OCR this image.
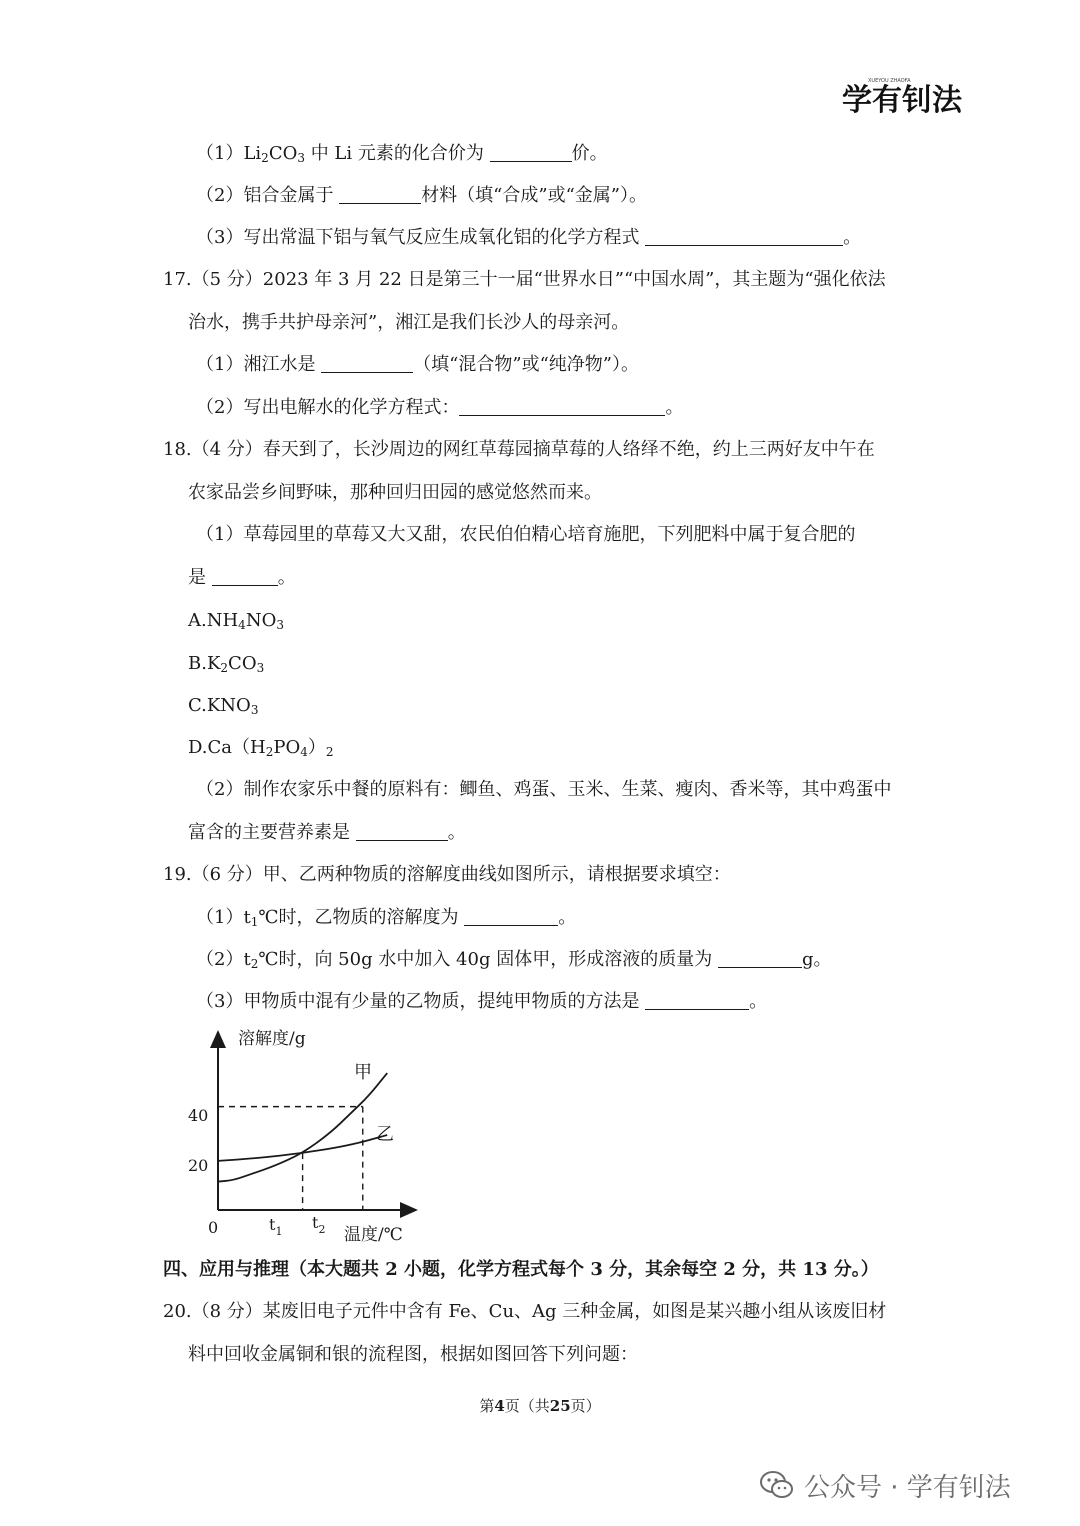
学有钊法
XUEYOU ZHAOFA
$(1)Li_2CO_3$ 中 Li 元素的化合价为	价。
（2）铝合金属于	材料（填“合成”或“金属”）。
（3）写出常温下铝与氧气反应生成氧化铝的化学方程式	。
17.（5 分）2023 年 3 月 22 日是第三十一届“世界水日”“中国水周”，其主题为“强化依法
治水，携手共护母亲河”，湘江是我们长沙人的母亲河。
（1）湘江水是	（填“混合物”或“纯净物”）。
（2）写出电解水的化学方程式：	。
18.（4 分）春天到了，长沙周边的网红草莓园摘草莓的人络绎不绝，约上三两好友中午在
农家品尝乡间野味，那种回归田园的感觉悠然而来。
（1）草莓园里的草莓又大又甜，农民伯伯精心培育施肥，下列肥料中属于复合肥的
是	。
$A.NH_4NO_3$
$B.K_2CO_3$
$C.KNO_3$
$D.Ca(H_2PO_4)_2$
（2）制作农家乐中餐的原料有：鲫鱼、鸡蛋、玉米、生菜、瘦肉、香米等，其中鸡蛋中
富含的主要营养素是	。
19.（6 分）甲、乙两种物质的溶解度曲线如图所示，请根据要求填空：
$(1)t_1℃$时，乙物质的溶解度为	。
$(2)t_2℃$时，向 50g 水中加入 40g 固体甲，形成溶液的质量为	g。
（3）甲物质中混有少量的乙物质，提纯甲物质的方法是	。
溶解度/g
温度/℃
0
20
40
$t_1$ $t_2$
甲
乙
四、应用与推理（本大题共 2 小题，化学方程式每个 3 分，其余每空 2 分，共 13 分。）
20.（8 分）某废旧电子元件中含有 Fe、Cu、Ag 三种金属，如图是某兴趣小组从该废旧材
料中回收金属铜和银的流程图，根据如图回答下列问题：
第4页（共25页）
公众号 · 学有钊法
